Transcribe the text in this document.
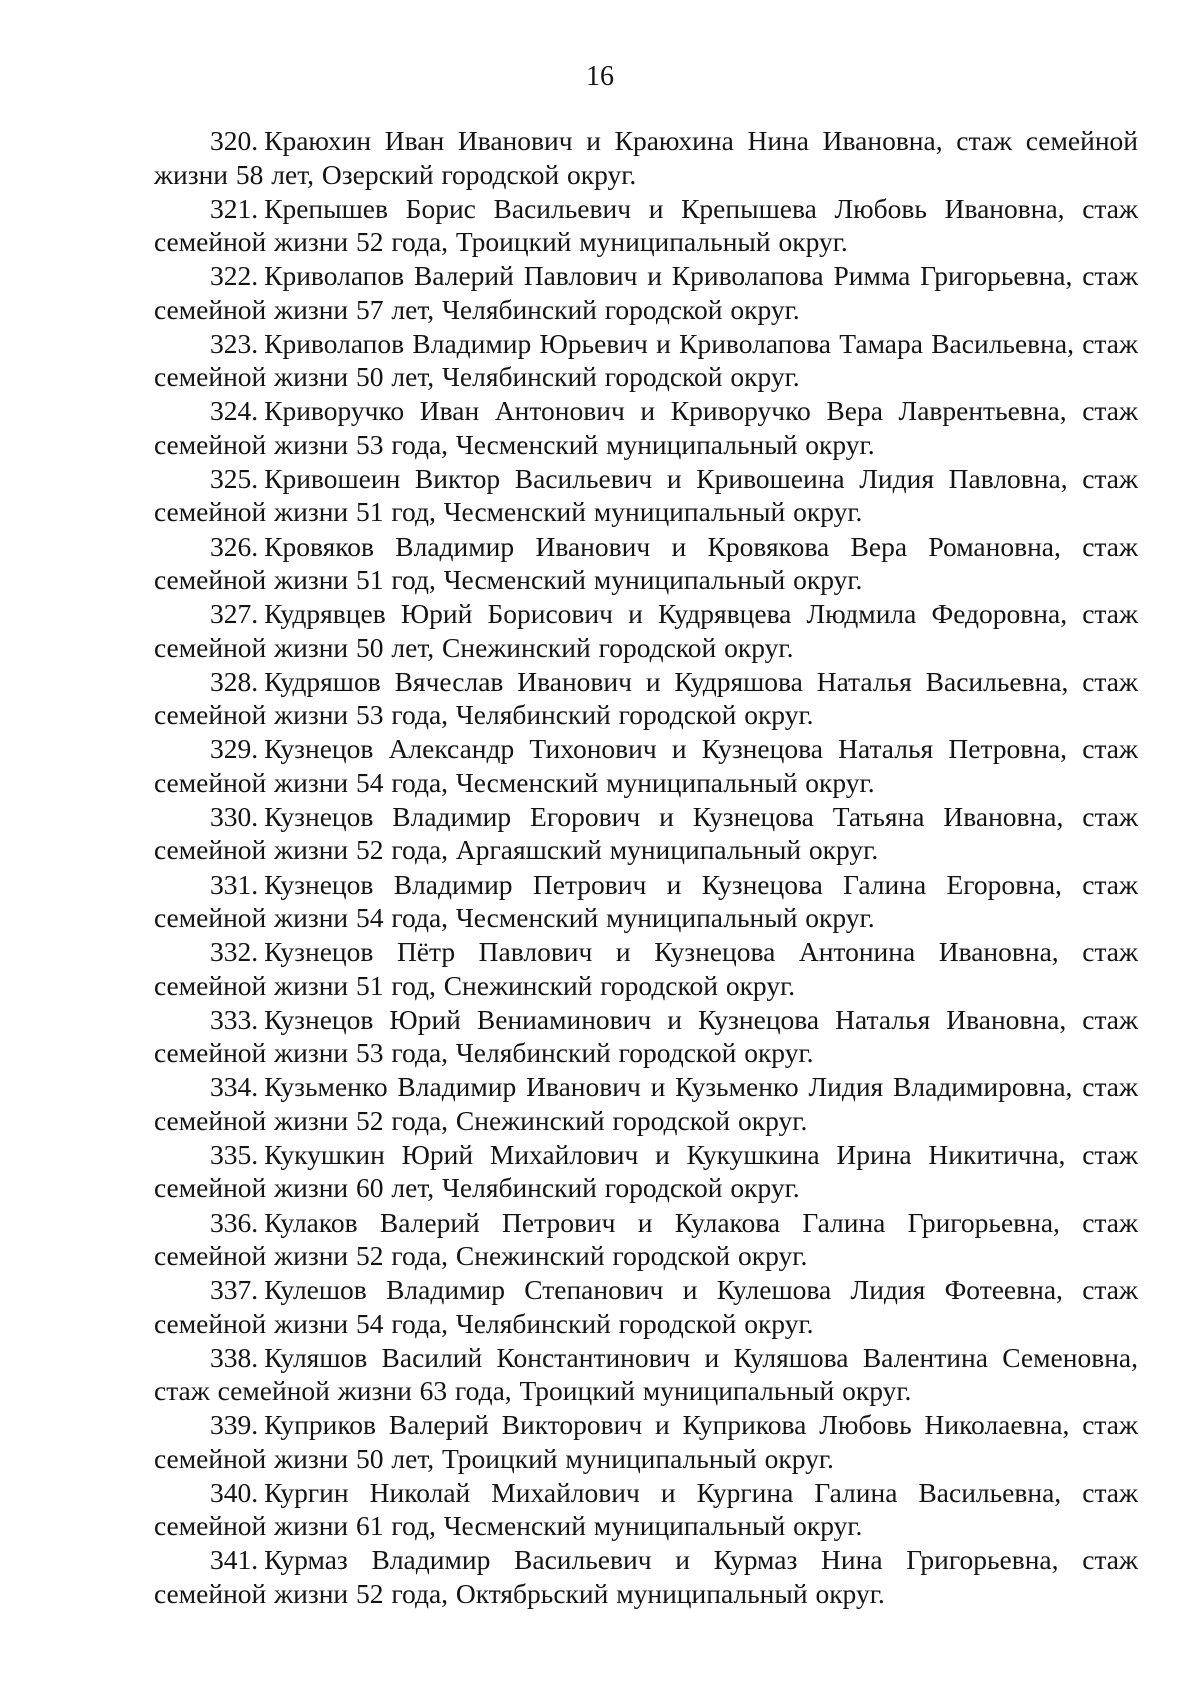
16

320. Краюхин Иван Иванович и Краюхина Нина Ивановна, стаж семейной жизни 58 лет, Озерский городской округ.

321. Крепышев Борис Васильевич и Крепышева Любовь Ивановна, стаж семейной жизни 52 года, Троицкий муниципальный округ.

322. Криволапов Валерий Павлович и Криволапова Римма Григорьевна, стаж семейной жизни 57 лет, Челябинский городской округ.

323. Криволапов Владимир Юрьевич и Криволапова Тамара Васильевна, стаж семейной жизни 50 лет, Челябинский городской округ.

324. Криворучко Иван Антонович и Криворучко Вера Лаврентьевна, стаж семейной жизни 53 года, Чесменский муниципальный округ.

325. Кривошеин Виктор Васильевич и Кривошеина Лидия Павловна, стаж семейной жизни 51 год, Чесменский муниципальный округ.

326. Кровяков Владимир Иванович и Кровякова Вера Романовна, стаж семейной жизни 51 год, Чесменский муниципальный округ.

327. Кудрявцев Юрий Борисович и Кудрявцева Людмила Федоровна, стаж семейной жизни 50 лет, Снежинский городской округ.

328. Кудряшов Вячеслав Иванович и Кудряшова Наталья Васильевна, стаж семейной жизни 53 года, Челябинский городской округ.

329. Кузнецов Александр Тихонович и Кузнецова Наталья Петровна, стаж семейной жизни 54 года, Чесменский муниципальный округ.

330. Кузнецов Владимир Егорович и Кузнецова Татьяна Ивановна, стаж семейной жизни 52 года, Аргаяшский муниципальный округ.

331. Кузнецов Владимир Петрович и Кузнецова Галина Егоровна, стаж семейной жизни 54 года, Чесменский муниципальный округ.

332. Кузнецов Пётр Павлович и Кузнецова Антонина Ивановна, стаж семейной жизни 51 год, Снежинский городской округ.

333. Кузнецов Юрий Вениаминович и Кузнецова Наталья Ивановна, стаж семейной жизни 53 года, Челябинский городской округ.

334. Кузьменко Владимир Иванович и Кузьменко Лидия Владимировна, стаж семейной жизни 52 года, Снежинский городской округ.

335. Кукушкин Юрий Михайлович и Кукушкина Ирина Никитична, стаж семейной жизни 60 лет, Челябинский городской округ.

336. Кулаков Валерий Петрович и Кулакова Галина Григорьевна, стаж семейной жизни 52 года, Снежинский городской округ.

337. Кулешов Владимир Степанович и Кулешова Лидия Фотеевна, стаж семейной жизни 54 года, Челябинский городской округ.

338. Куляшов Василий Константинович и Куляшова Валентина Семеновна, стаж семейной жизни 63 года, Троицкий муниципальный округ.

339. Куприков Валерий Викторович и Куприкова Любовь Николаевна, стаж семейной жизни 50 лет, Троицкий муниципальный округ.

340. Кургин Николай Михайлович и Кургина Галина Васильевна, стаж семейной жизни 61 год, Чесменский муниципальный округ.

341. Курмаз Владимир Васильевич и Курмаз Нина Григорьевна, стаж семейной жизни 52 года, Октябрьский муниципальный округ.
